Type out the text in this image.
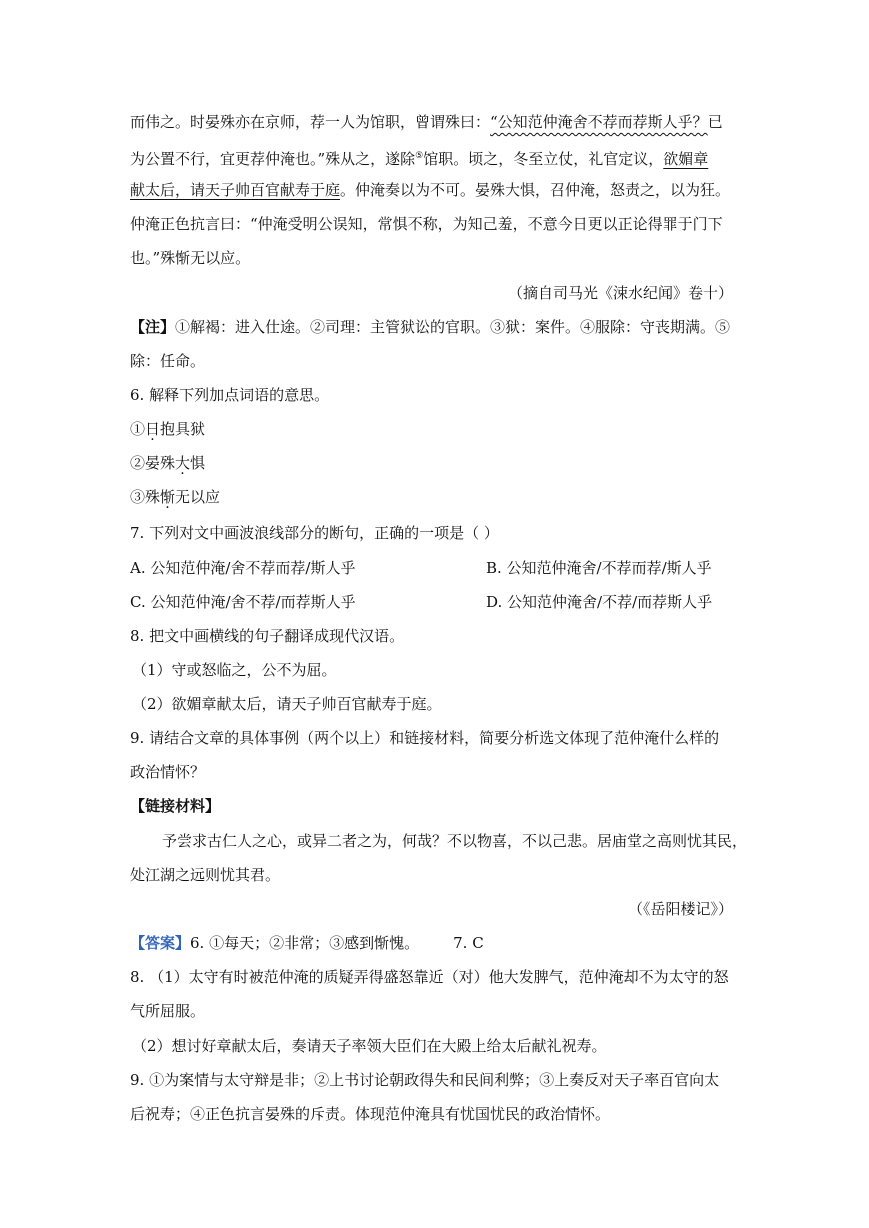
而伟之。时晏殊亦在京师，荐一人为馆职，曾谓殊曰：“公知范仲淹舍不荐而荐斯人乎？已
为公置不行，宜更荐仲淹也。”殊从之，遂除⑤馆职。顷之，冬至立仗，礼官定议，欲媚章
献太后，请天子帅百官献寿于庭。仲淹奏以为不可。晏殊大惧，召仲淹，怒责之，以为狂。
仲淹正色抗言曰：“仲淹受明公误知，常惧不称，为知己羞，不意今日更以正论得罪于门下
也。”殊惭无以应。
（摘自司马光《涑水纪闻》卷十）
【注】①解褐：进入仕途。②司理：主管狱讼的官职。③狱：案件。④服除：守丧期满。⑤
除：任命。
6. 解释下列加点词语的意思。
①日抱具狱
②晏殊大惧
③殊惭无以应
7. 下列对文中画波浪线部分的断句，正确的一项是（ ）
A. 公知范仲淹/舍不荐而荐/斯人乎	B. 公知范仲淹舍/不荐而荐/斯人乎
C. 公知范仲淹/舍不荐/而荐斯人乎	D. 公知范仲淹舍/不荐/而荐斯人乎
8. 把文中画横线的句子翻译成现代汉语。
（1）守或怒临之，公不为屈。
（2）欲媚章献太后，请天子帅百官献寿于庭。
9. 请结合文章的具体事例（两个以上）和链接材料，简要分析选文体现了范仲淹什么样的
政治情怀？
【链接材料】
予尝求古仁人之心，或异二者之为，何哉？不以物喜，不以己悲。居庙堂之高则忧其民，
处江湖之远则忧其君。
（《岳阳楼记》）
【答案】6. ①每天；②非常；③感到惭愧。 7. C
8. （1）太守有时被范仲淹的质疑弄得盛怒靠近（对）他大发脾气，范仲淹却不为太守的怒
气所屈服。
（2）想讨好章献太后，奏请天子率领大臣们在大殿上给太后献礼祝寿。
9. ①为案情与太守辩是非；②上书讨论朝政得失和民间利弊；③上奏反对天子率百官向太
后祝寿；④正色抗言晏殊的斥责。体现范仲淹具有忧国忧民的政治情怀。
